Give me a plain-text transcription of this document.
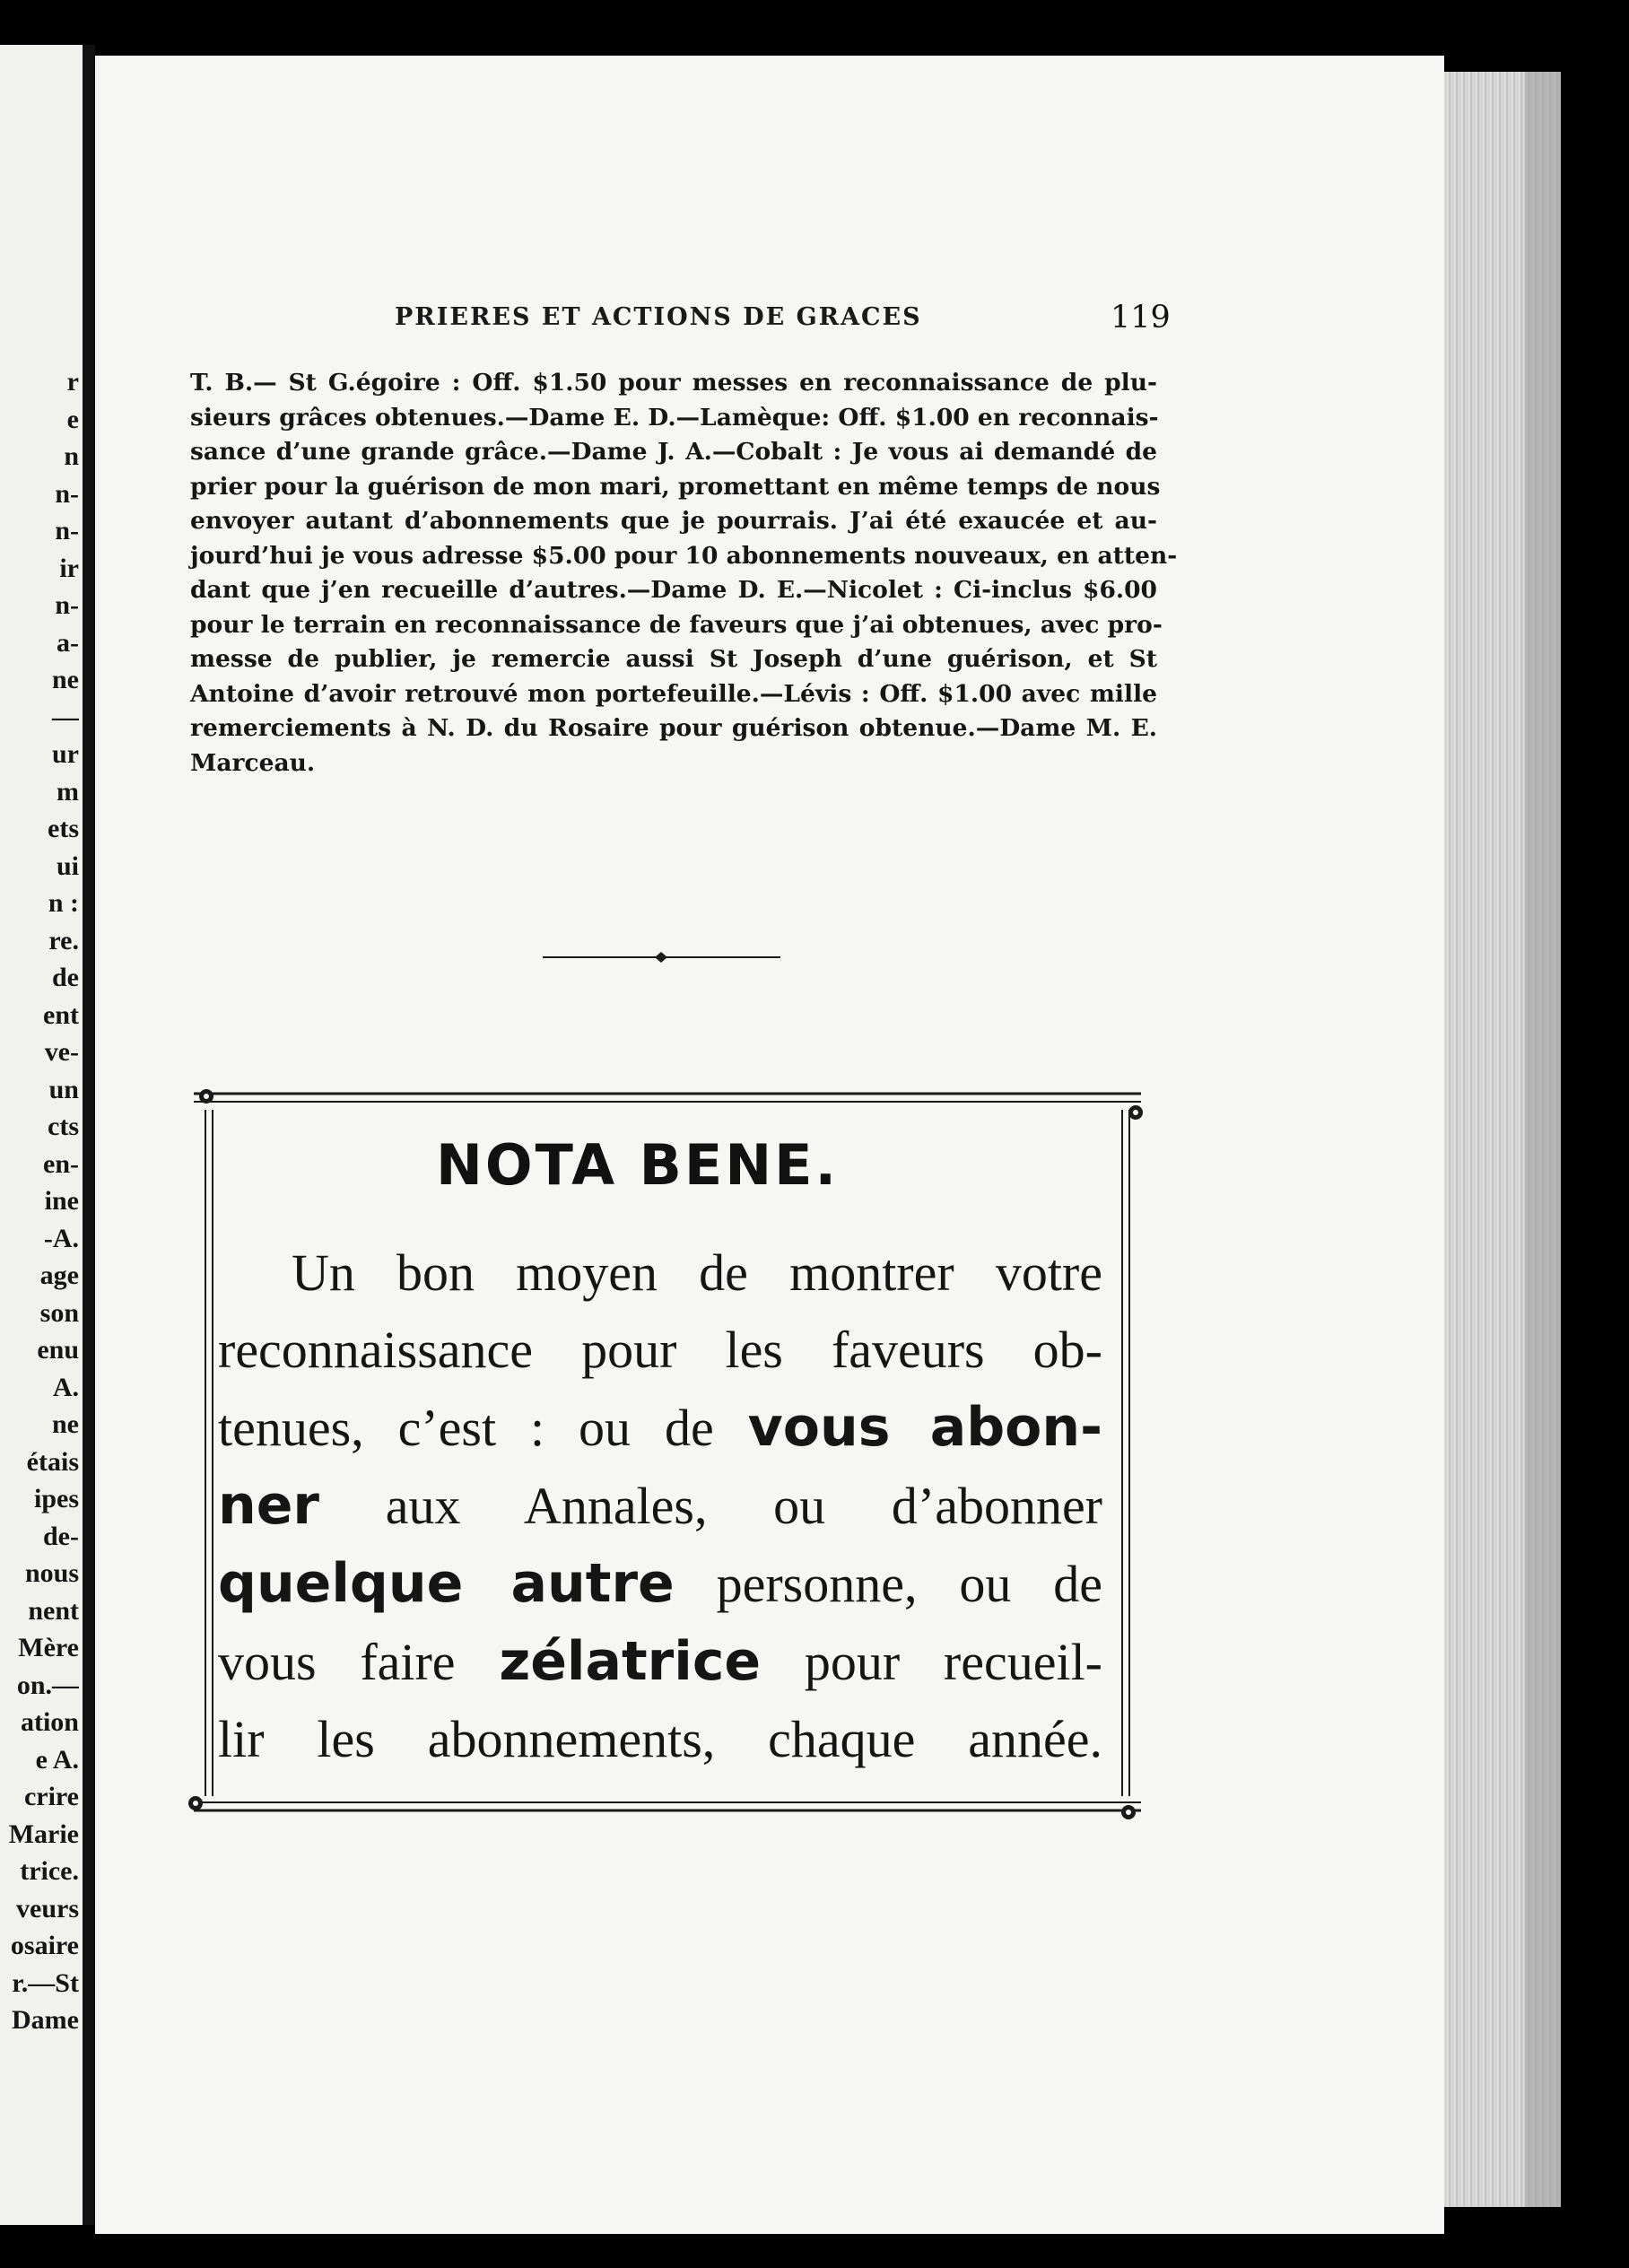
r
e
n
n-
n-
ir
n-
a-
ne
—
ur
m
ets
ui
n :
re.
de
ent
ve-
un
cts
en-
ine
-A.
age
son
enu
A.
ne
étais
ipes
de-
nous
nent
Mère
on.—
ation
e A.
crire
Marie
trice.
veurs
osaire
r.—St
Dame
PRIERES ET ACTIONS DE GRACES	119
T. B.— St G.égoire : Off. $1.50 pour messes en reconnaissance de plu-
sieurs grâces obtenues.—Dame E. D.—Lamèque: Off. $1.00 en reconnais-
sance d’une grande grâce.—Dame J. A.—Cobalt : Je vous ai demandé de
prier pour la guérison de mon mari, promettant en même temps de nous
envoyer autant d’abonnements que je pourrais. J’ai été exaucée et au-
jourd’hui je vous adresse $5.00 pour 10 abonnements nouveaux, en atten-
dant que j’en recueille d’autres.—Dame D. E.—Nicolet : Ci-inclus $6.00
pour le terrain en reconnaissance de faveurs que j’ai obtenues, avec pro-
messe de publier, je remercie aussi St Joseph d’une guérison, et St
Antoine d’avoir retrouvé mon portefeuille.—Lévis : Off. $1.00 avec mille
remerciements à N. D. du Rosaire pour guérison obtenue.—Dame M. E.
Marceau.
NOTA BENE.
Un bon moyen de montrer votre
reconnaissance pour les faveurs ob-
tenues, c’est : ou de vous abon-
ner aux Annales, ou d’abonner
quelque autre personne, ou de
vous faire zélatrice pour recueil-
lir les abonnements, chaque année.
